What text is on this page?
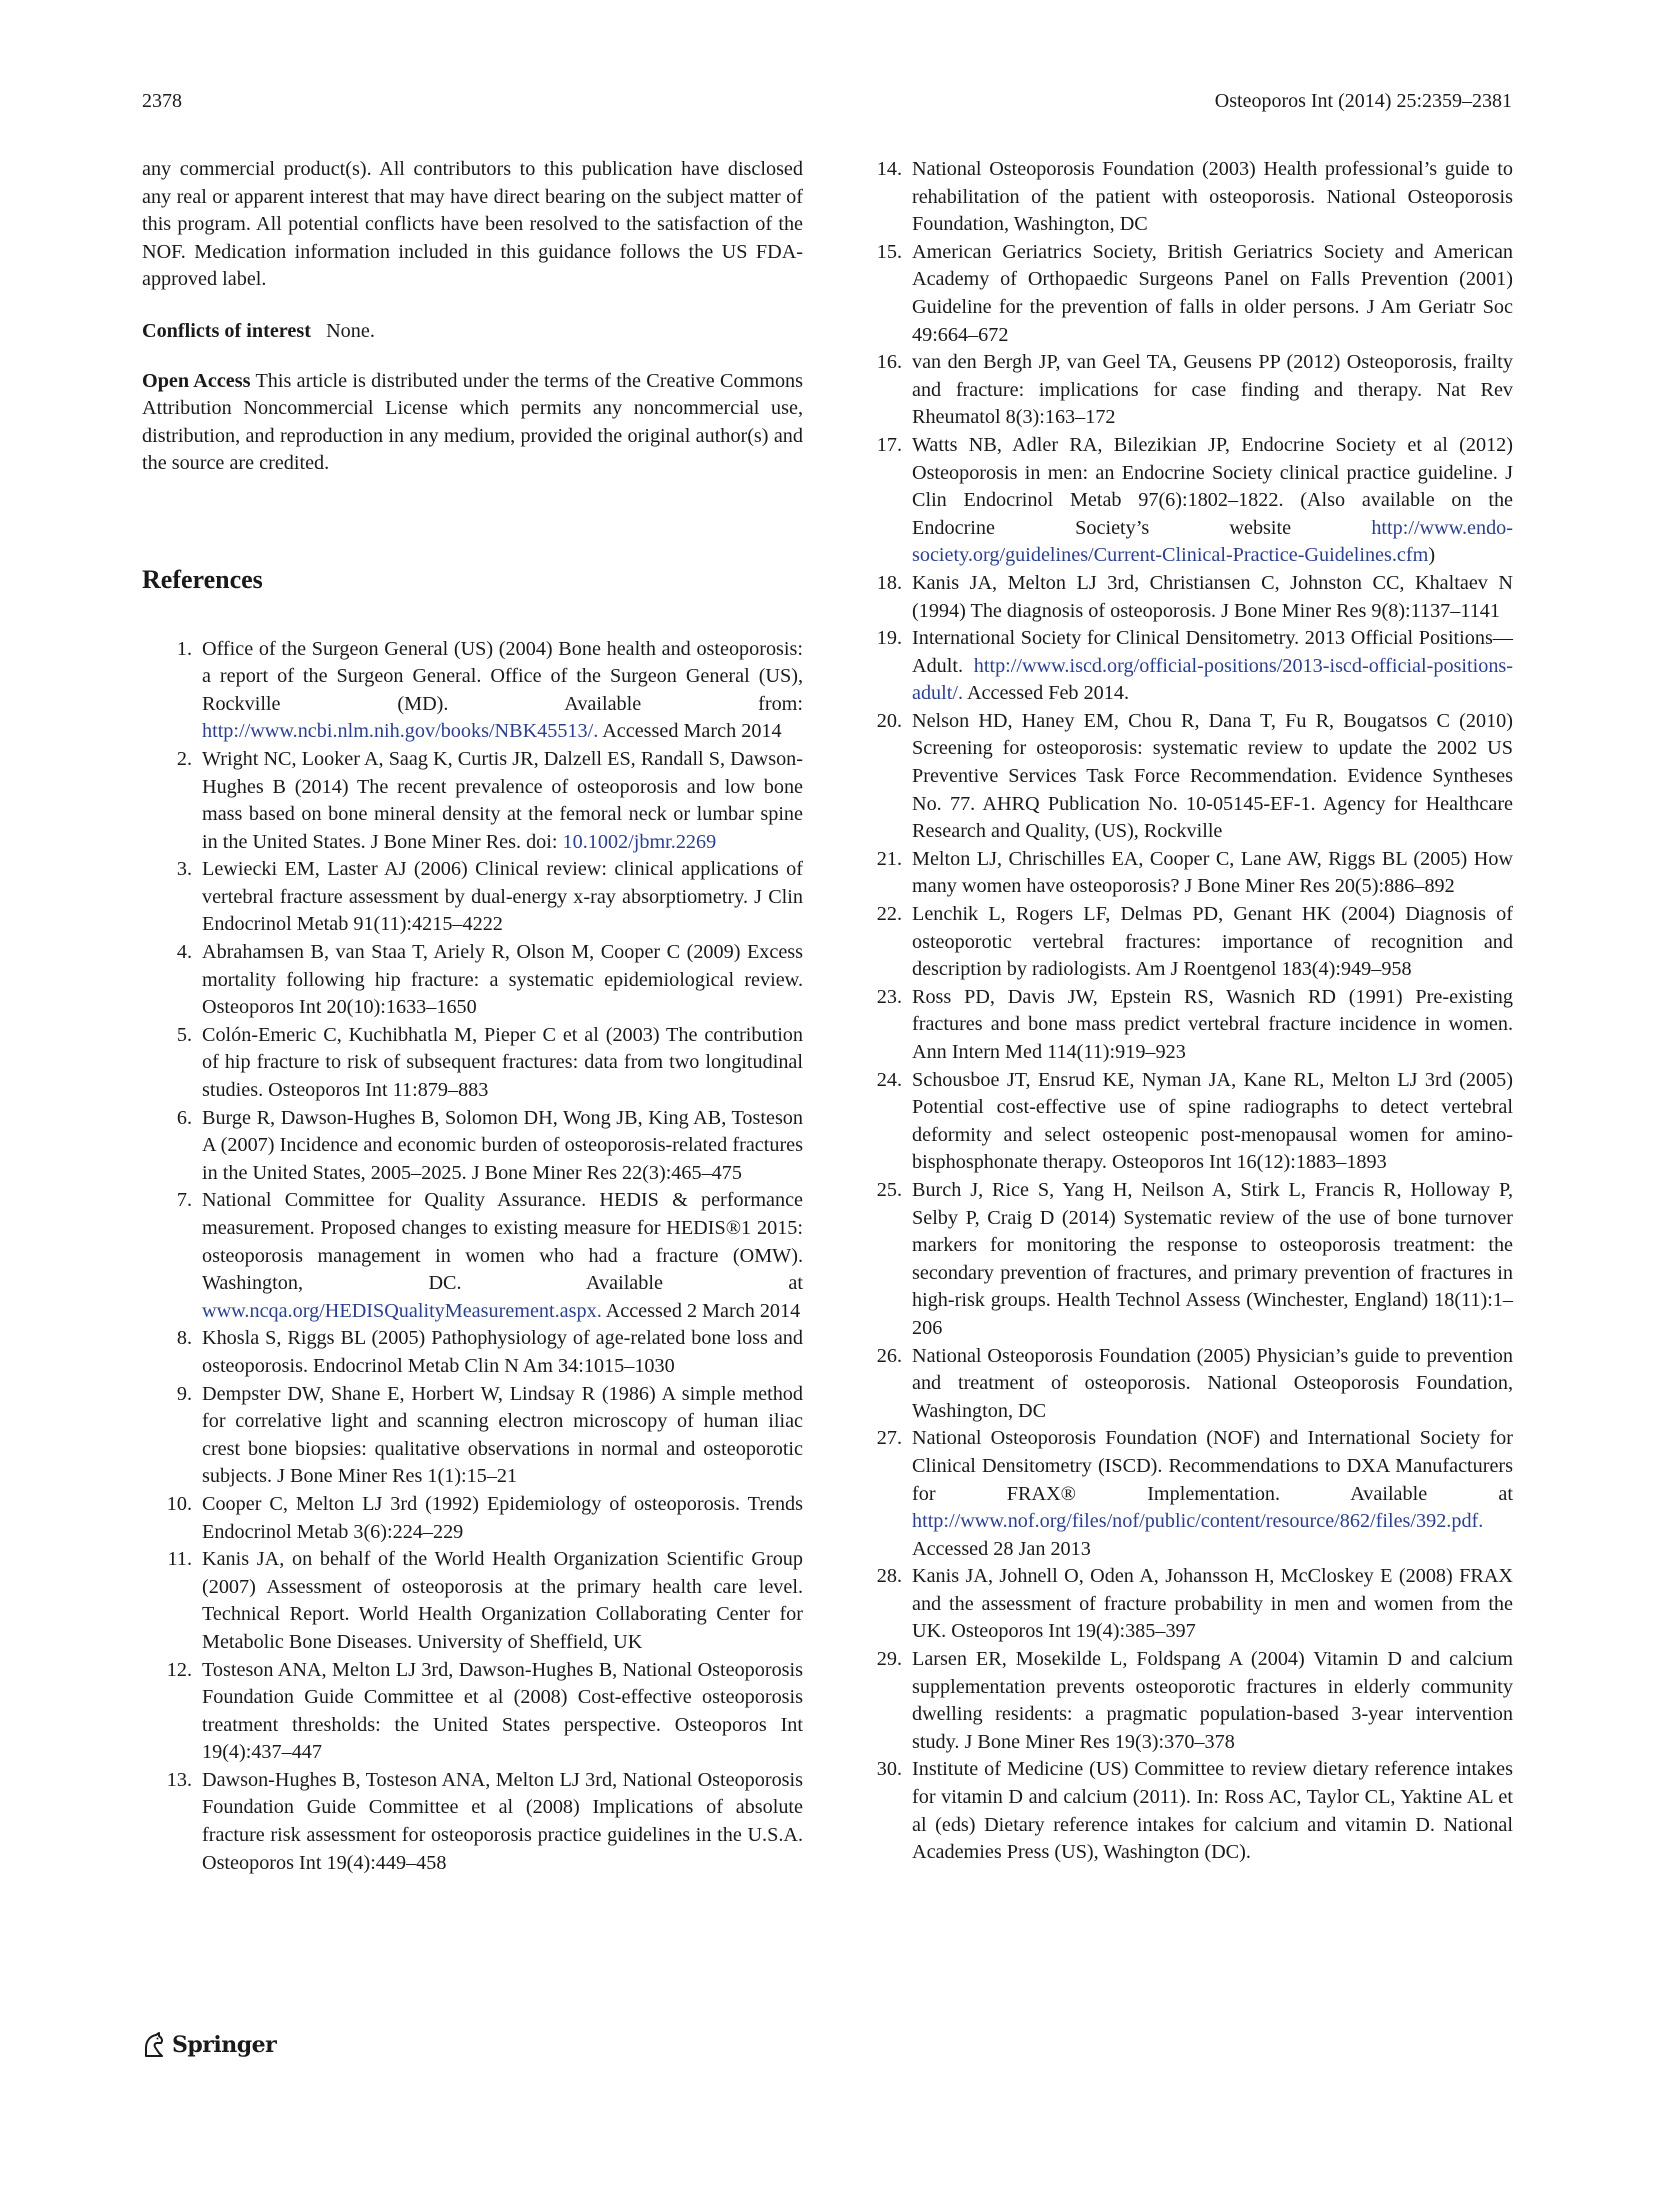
2378	Osteoporos Int (2014) 25:2359–2381

any commercial product(s). All contributors to this publication have disclosed any real or apparent interest that may have direct bearing on the subject matter of this program. All potential conflicts have been resolved to the satisfaction of the NOF. Medication information included in this guidance follows the US FDA-approved label.

Conflicts of interest None.

Open Access This article is distributed under the terms of the Creative Commons Attribution Noncommercial License which permits any noncommercial use, distribution, and reproduction in any medium, provided the original author(s) and the source are credited.

References
1. Office of the Surgeon General (US) (2004) Bone health and osteoporosis: a report of the Surgeon General. Office of the Surgeon General (US), Rockville (MD). Available from: http://www.ncbi.nlm.nih.gov/books/NBK45513/. Accessed March 2014
2. Wright NC, Looker A, Saag K, Curtis JR, Dalzell ES, Randall S, Dawson-Hughes B (2014) The recent prevalence of osteoporosis and low bone mass based on bone mineral density at the femoral neck or lumbar spine in the United States. J Bone Miner Res. doi: 10.1002/jbmr.2269
3. Lewiecki EM, Laster AJ (2006) Clinical review: clinical applications of vertebral fracture assessment by dual-energy x-ray absorptiometry. J Clin Endocrinol Metab 91(11):4215–4222
4. Abrahamsen B, van Staa T, Ariely R, Olson M, Cooper C (2009) Excess mortality following hip fracture: a systematic epidemiological review. Osteoporos Int 20(10):1633–1650
5. Colón-Emeric C, Kuchibhatla M, Pieper C et al (2003) The contribution of hip fracture to risk of subsequent fractures: data from two longitudinal studies. Osteoporos Int 11:879–883
6. Burge R, Dawson-Hughes B, Solomon DH, Wong JB, King AB, Tosteson A (2007) Incidence and economic burden of osteoporosis-related fractures in the United States, 2005–2025. J Bone Miner Res 22(3):465–475
7. National Committee for Quality Assurance. HEDIS & performance measurement. Proposed changes to existing measure for HEDIS®1 2015: osteoporosis management in women who had a fracture (OMW). Washington, DC. Available at www.ncqa.org/HEDISQualityMeasurement.aspx. Accessed 2 March 2014
8. Khosla S, Riggs BL (2005) Pathophysiology of age-related bone loss and osteoporosis. Endocrinol Metab Clin N Am 34:1015–1030
9. Dempster DW, Shane E, Horbert W, Lindsay R (1986) A simple method for correlative light and scanning electron microscopy of human iliac crest bone biopsies: qualitative observations in normal and osteoporotic subjects. J Bone Miner Res 1(1):15–21
10. Cooper C, Melton LJ 3rd (1992) Epidemiology of osteoporosis. Trends Endocrinol Metab 3(6):224–229
11. Kanis JA, on behalf of the World Health Organization Scientific Group (2007) Assessment of osteoporosis at the primary health care level. Technical Report. World Health Organization Collaborating Center for Metabolic Bone Diseases. University of Sheffield, UK
12. Tosteson ANA, Melton LJ 3rd, Dawson-Hughes B, National Osteoporosis Foundation Guide Committee et al (2008) Cost-effective osteoporosis treatment thresholds: the United States perspective. Osteoporos Int 19(4):437–447
13. Dawson-Hughes B, Tosteson ANA, Melton LJ 3rd, National Osteoporosis Foundation Guide Committee et al (2008) Implications of absolute fracture risk assessment for osteoporosis practice guidelines in the U.S.A. Osteoporos Int 19(4):449–458
14. National Osteoporosis Foundation (2003) Health professional’s guide to rehabilitation of the patient with osteoporosis. National Osteoporosis Foundation, Washington, DC
15. American Geriatrics Society, British Geriatrics Society and American Academy of Orthopaedic Surgeons Panel on Falls Prevention (2001) Guideline for the prevention of falls in older persons. J Am Geriatr Soc 49:664–672
16. van den Bergh JP, van Geel TA, Geusens PP (2012) Osteoporosis, frailty and fracture: implications for case finding and therapy. Nat Rev Rheumatol 8(3):163–172
17. Watts NB, Adler RA, Bilezikian JP, Endocrine Society et al (2012) Osteoporosis in men: an Endocrine Society clinical practice guideline. J Clin Endocrinol Metab 97(6):1802–1822. (Also available on the Endocrine Society’s website http://www.endo-society.org/guidelines/Current-Clinical-Practice-Guidelines.cfm)
18. Kanis JA, Melton LJ 3rd, Christiansen C, Johnston CC, Khaltaev N (1994) The diagnosis of osteoporosis. J Bone Miner Res 9(8):1137–1141
19. International Society for Clinical Densitometry. 2013 Official Positions—Adult. http://www.iscd.org/official-positions/2013-iscd-official-positions-adult/. Accessed Feb 2014.
20. Nelson HD, Haney EM, Chou R, Dana T, Fu R, Bougatsos C (2010) Screening for osteoporosis: systematic review to update the 2002 US Preventive Services Task Force Recommendation. Evidence Syntheses No. 77. AHRQ Publication No. 10-05145-EF-1. Agency for Healthcare Research and Quality, (US), Rockville
21. Melton LJ, Chrischilles EA, Cooper C, Lane AW, Riggs BL (2005) How many women have osteoporosis? J Bone Miner Res 20(5):886–892
22. Lenchik L, Rogers LF, Delmas PD, Genant HK (2004) Diagnosis of osteoporotic vertebral fractures: importance of recognition and description by radiologists. Am J Roentgenol 183(4):949–958
23. Ross PD, Davis JW, Epstein RS, Wasnich RD (1991) Pre-existing fractures and bone mass predict vertebral fracture incidence in women. Ann Intern Med 114(11):919–923
24. Schousboe JT, Ensrud KE, Nyman JA, Kane RL, Melton LJ 3rd (2005) Potential cost-effective use of spine radiographs to detect vertebral deformity and select osteopenic post-menopausal women for amino-bisphosphonate therapy. Osteoporos Int 16(12):1883–1893
25. Burch J, Rice S, Yang H, Neilson A, Stirk L, Francis R, Holloway P, Selby P, Craig D (2014) Systematic review of the use of bone turnover markers for monitoring the response to osteoporosis treatment: the secondary prevention of fractures, and primary prevention of fractures in high-risk groups. Health Technol Assess (Winchester, England) 18(11):1–206
26. National Osteoporosis Foundation (2005) Physician’s guide to prevention and treatment of osteoporosis. National Osteoporosis Foundation, Washington, DC
27. National Osteoporosis Foundation (NOF) and International Society for Clinical Densitometry (ISCD). Recommendations to DXA Manufacturers for FRAX® Implementation. Available at http://www.nof.org/files/nof/public/content/resource/862/files/392.pdf. Accessed 28 Jan 2013
28. Kanis JA, Johnell O, Oden A, Johansson H, McCloskey E (2008) FRAX and the assessment of fracture probability in men and women from the UK. Osteoporos Int 19(4):385–397
29. Larsen ER, Mosekilde L, Foldspang A (2004) Vitamin D and calcium supplementation prevents osteoporotic fractures in elderly community dwelling residents: a pragmatic population-based 3-year intervention study. J Bone Miner Res 19(3):370–378
30. Institute of Medicine (US) Committee to review dietary reference intakes for vitamin D and calcium (2011). In: Ross AC, Taylor CL, Yaktine AL et al (eds) Dietary reference intakes for calcium and vitamin D. National Academies Press (US), Washington (DC).
Springer
